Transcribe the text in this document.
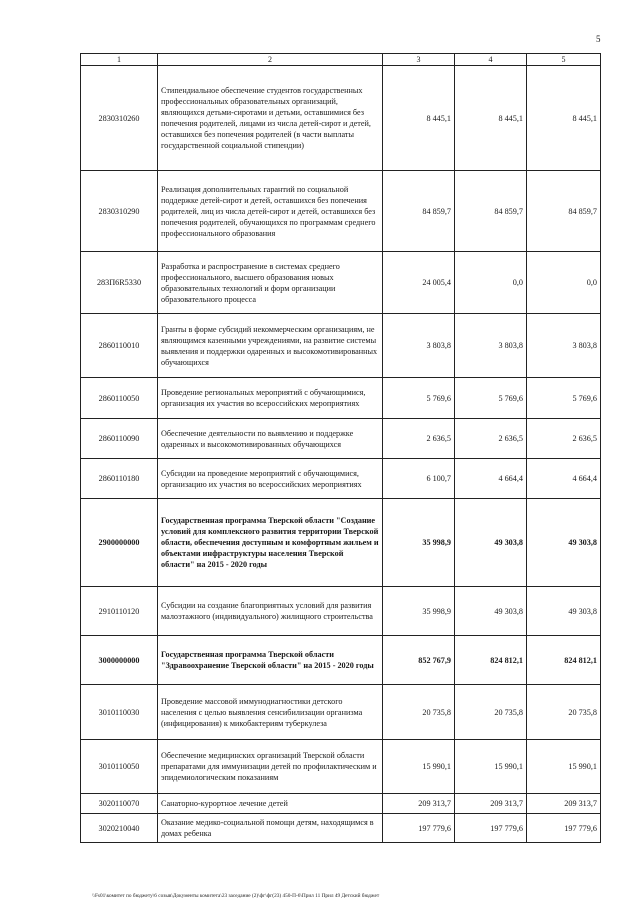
5
1	2	3	4	5
2830310260	Стипендиальное обеспечение студентов государственных профессиональных образовательных организаций, являющихся детьми-сиротами и детьми, оставшимися без попечения родителей, лицами из числа детей-сирот и детей, оставшихся без попечения родителей (в части выплаты государственной социальной стипендии)	8 445,1	8 445,1	8 445,1
2830310290	Реализация дополнительных гарантий по социальной поддержке детей-сирот и детей, оставшихся без попечения родителей, лиц из числа детей-сирот и детей, оставшихся без попечения родителей, обучающихся по программам среднего профессионального образования	84 859,7	84 859,7	84 859,7
283П6R5330	Разработка и распространение в системах среднего профессионального, высшего образования новых образовательных технологий и форм организации образовательного процесса	24 005,4	0,0	0,0
2860110010	Гранты в форме субсидий некоммерческим организациям, не являющимся казенными учреждениями, на развитие системы выявления и поддержки одаренных и высокомотивированных обучающихся	3 803,8	3 803,8	3 803,8
2860110050	Проведение региональных мероприятий с обучающимися, организация их участия во всероссийских мероприятиях	5 769,6	5 769,6	5 769,6
2860110090	Обеспечение деятельности по выявлению и поддержке одаренных и высокомотивированных обучающихся	2 636,5	2 636,5	2 636,5
2860110180	Субсидии на проведение мероприятий с обучающимися, организацию их участия во всероссийских мероприятиях	6 100,7	4 664,4	4 664,4
2900000000	Государственная программа Тверской области "Создание условий для комплексного развития территории Тверской области, обеспечения доступным и комфортным жильем и объектами инфраструктуры населения Тверской области" на 2015 - 2020 годы	35 998,9	49 303,8	49 303,8
2910110120	Субсидии на создание благоприятных условий для развития малоэтажного (индивидуального) жилищного строительства	35 998,9	49 303,8	49 303,8
3000000000	Государственная программа Тверской области "Здравоохранение Тверской области" на 2015 - 2020 годы	852 767,9	824 812,1	824 812,1
3010110030	Проведение массовой иммунодиагностики детского населения с целью выявления сенсибилизации организма (инфицирования) к микобактериям туберкулеза	20 735,8	20 735,8	20 735,8
3010110050	Обеспечение медицинских организаций Тверской области препаратами для иммунизации детей по профилактическим и эпидемиологическим показаниям	15 990,1	15 990,1	15 990,1
3020110070	Санаторно-курортное лечение детей	209 313,7	209 313,7	209 313,7
3020210040	Оказание медико-социальной помощи детям, находящимся в домах ребенка	197 779,6	197 779,6	197 779,6
\\Fs01\комитет по бюджету\6 созыв\Документы комитета\23 заседание (2)\фг\фг(23) 450-П-6\Прил 11 Прил 49 Детский бюджет
